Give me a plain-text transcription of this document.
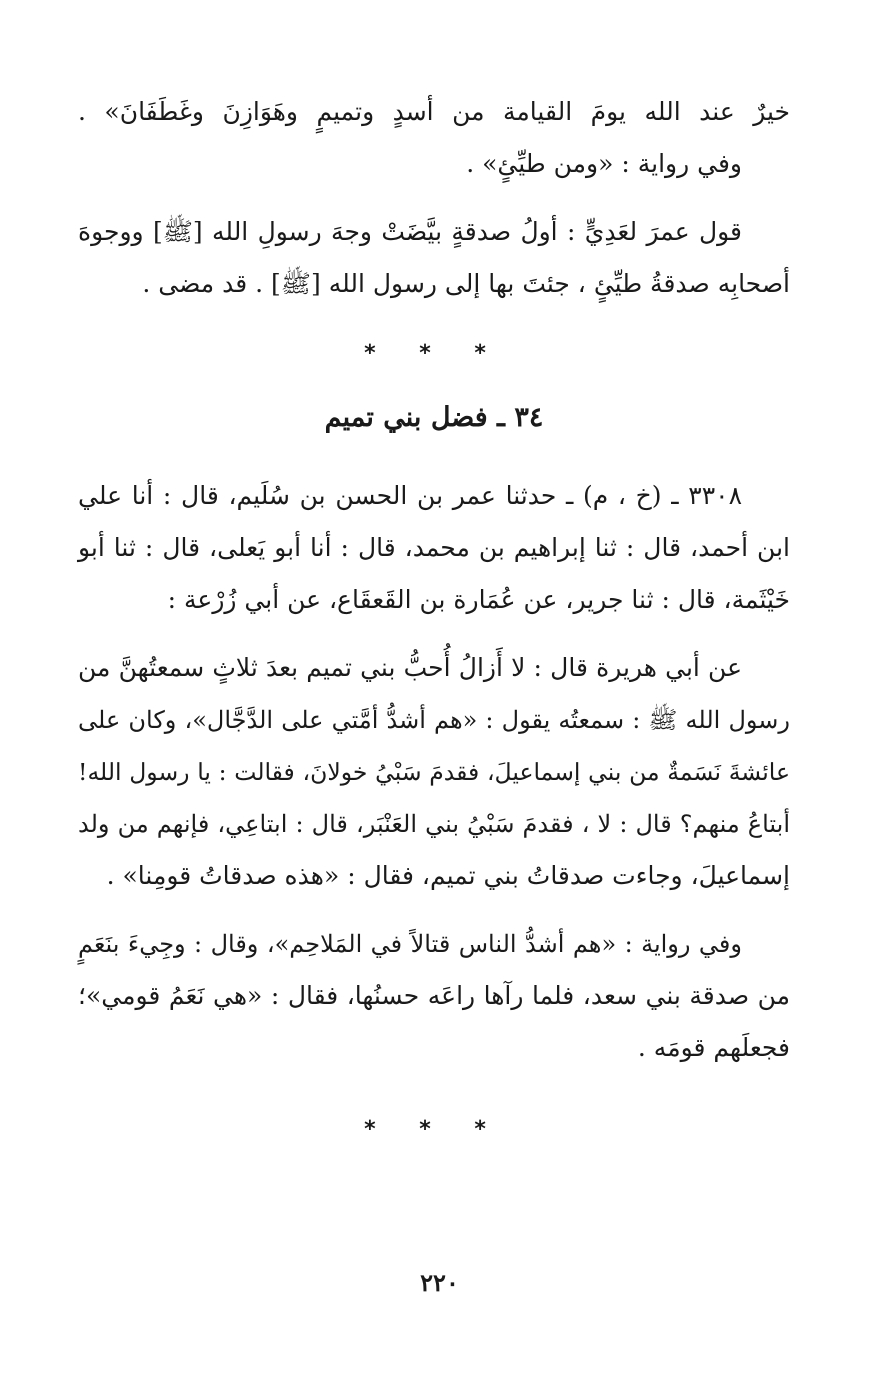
خيرٌ عند الله يومَ القيامة من أسدٍ وتميمٍ وهَوَازِنَ وغَطَفَانَ» .
وفي رواية : «ومن طيِّئٍ» .
قول عمرَ لعَدِيٍّ : أولُ صدقةٍ بيَّضَتْ وجهَ رسولِ الله [ﷺ] ووجوهَ
أصحابِه صدقةُ طيِّئٍ ، جئتَ بها إلى رسول الله [ﷺ] . قد مضى .
* * *
٣٤ ـ فضل بني تميم
٣٣٠٨ ـ (خ ، م) ـ حدثنا عمر بن الحسن بن سُلَيم، قال : أنا علي
ابن أحمد، قال : ثنا إبراهيم بن محمد، قال : أنا أبو يَعلى، قال : ثنا أبو
خَيْثَمة، قال : ثنا جرير، عن عُمَارة بن القَعقَاع، عن أبي زُرْعة :
عن أبي هريرة قال : لا أَزالُ أُحبُّ بني تميم بعدَ ثلاثٍ سمعتُهنَّ من
رسول الله ﷺ : سمعتُه يقول : «هم أشدُّ أمَّتي على الدَّجَّال»، وكان على
عائشةَ نَسَمةٌ من بني إسماعيلَ، فقدمَ سَبْيُ خولانَ، فقالت : يا رسول الله!
أبتاعُ منهم؟ قال : لا ، فقدمَ سَبْيُ بني العَنْبَر، قال : ابتاعِي، فإنهم من ولد
إسماعيلَ، وجاءت صدقاتُ بني تميم، فقال : «هذه صدقاتُ قومِنا» .
وفي رواية : «هم أشدُّ الناس قتالاً في المَلاحِم»، وقال : وجِيءَ بنَعَمٍ
من صدقة بني سعد، فلما رآها راعَه حسنُها، فقال : «هي نَعَمُ قومي»؛
فجعلَهم قومَه .
* * *
٢٢٠
